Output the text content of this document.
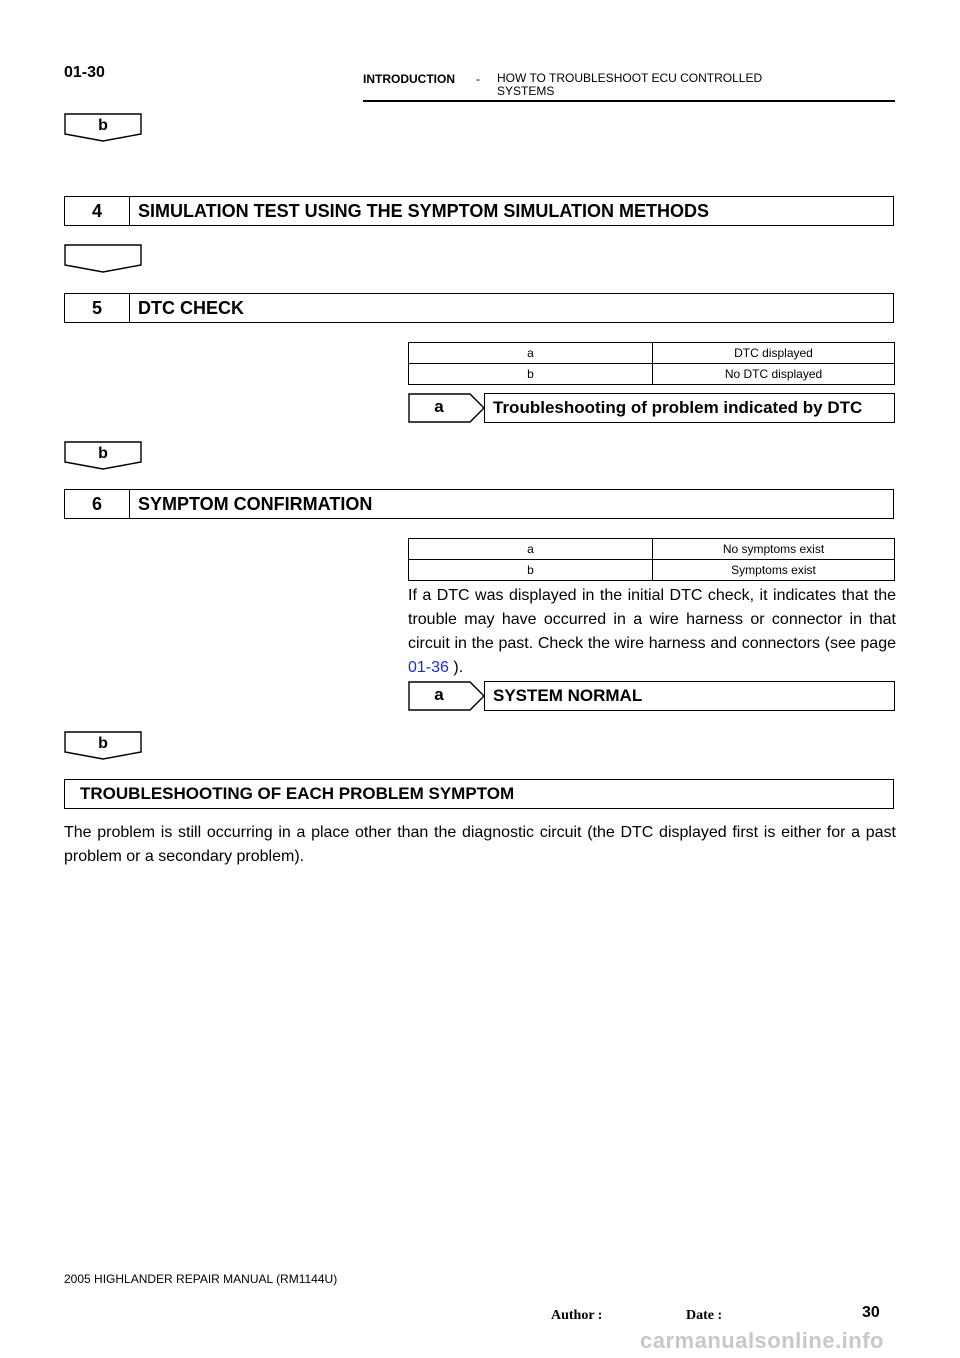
01-30	INTRODUCTION - HOW TO TROUBLESHOOT ECU CONTROLLED SYSTEMS
b
4	SIMULATION TEST USING THE SYMPTOM SIMULATION METHODS
5	DTC CHECK
a	DTC displayed
b	No DTC displayed
a	Troubleshooting of problem indicated by DTC
b
6	SYMPTOM CONFIRMATION
a	No symptoms exist
b	Symptoms exist
If a DTC was displayed in the initial DTC check, it indicates that the trouble may have occurred in a wire harness or connector in that circuit in the past. Check the wire harness and connectors (see page 01-36 ).
a	SYSTEM NORMAL
b
TROUBLESHOOTING OF EACH PROBLEM SYMPTOM
The problem is still occurring in a place other than the diagnostic circuit (the DTC displayed first is either for a past problem or a secondary problem).
2005 HIGHLANDER REPAIR MANUAL (RM1144U)
Author :	Date :	30
carmanualsonline.info
